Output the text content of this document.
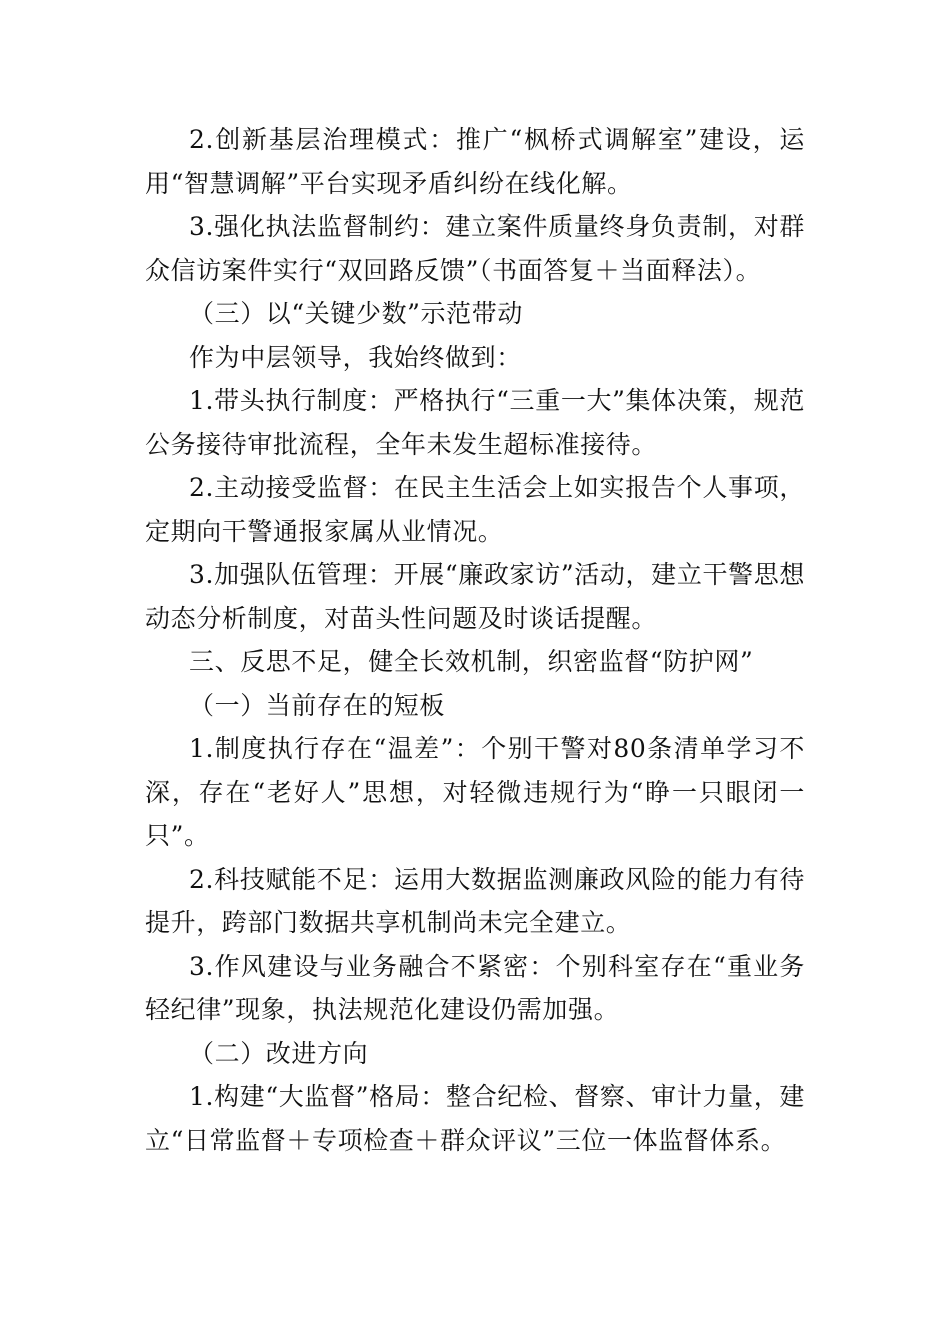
2.创新基层治理模式：推广“枫桥式调解室”建设，运用“智慧调解”平台实现矛盾纠纷在线化解。

3.强化执法监督制约：建立案件质量终身负责制，对群众信访案件实行“双回路反馈”（书面答复＋当面释法）。

（三）以“关键少数”示范带动

作为中层领导，我始终做到：

1.带头执行制度：严格执行“三重一大”集体决策，规范公务接待审批流程，全年未发生超标准接待。

2.主动接受监督：在民主生活会上如实报告个人事项，定期向干警通报家属从业情况。

3.加强队伍管理：开展“廉政家访”活动，建立干警思想动态分析制度，对苗头性问题及时谈话提醒。

三、反思不足，健全长效机制，织密监督“防护网”

（一）当前存在的短板

1.制度执行存在“温差”：个别干警对80条清单学习不深，存在“老好人”思想，对轻微违规行为“睁一只眼闭一只”。

2.科技赋能不足：运用大数据监测廉政风险的能力有待提升，跨部门数据共享机制尚未完全建立。

3.作风建设与业务融合不紧密：个别科室存在“重业务轻纪律”现象，执法规范化建设仍需加强。

（二）改进方向

1.构建“大监督”格局：整合纪检、督察、审计力量，建立“日常监督＋专项检查＋群众评议”三位一体监督体系。
